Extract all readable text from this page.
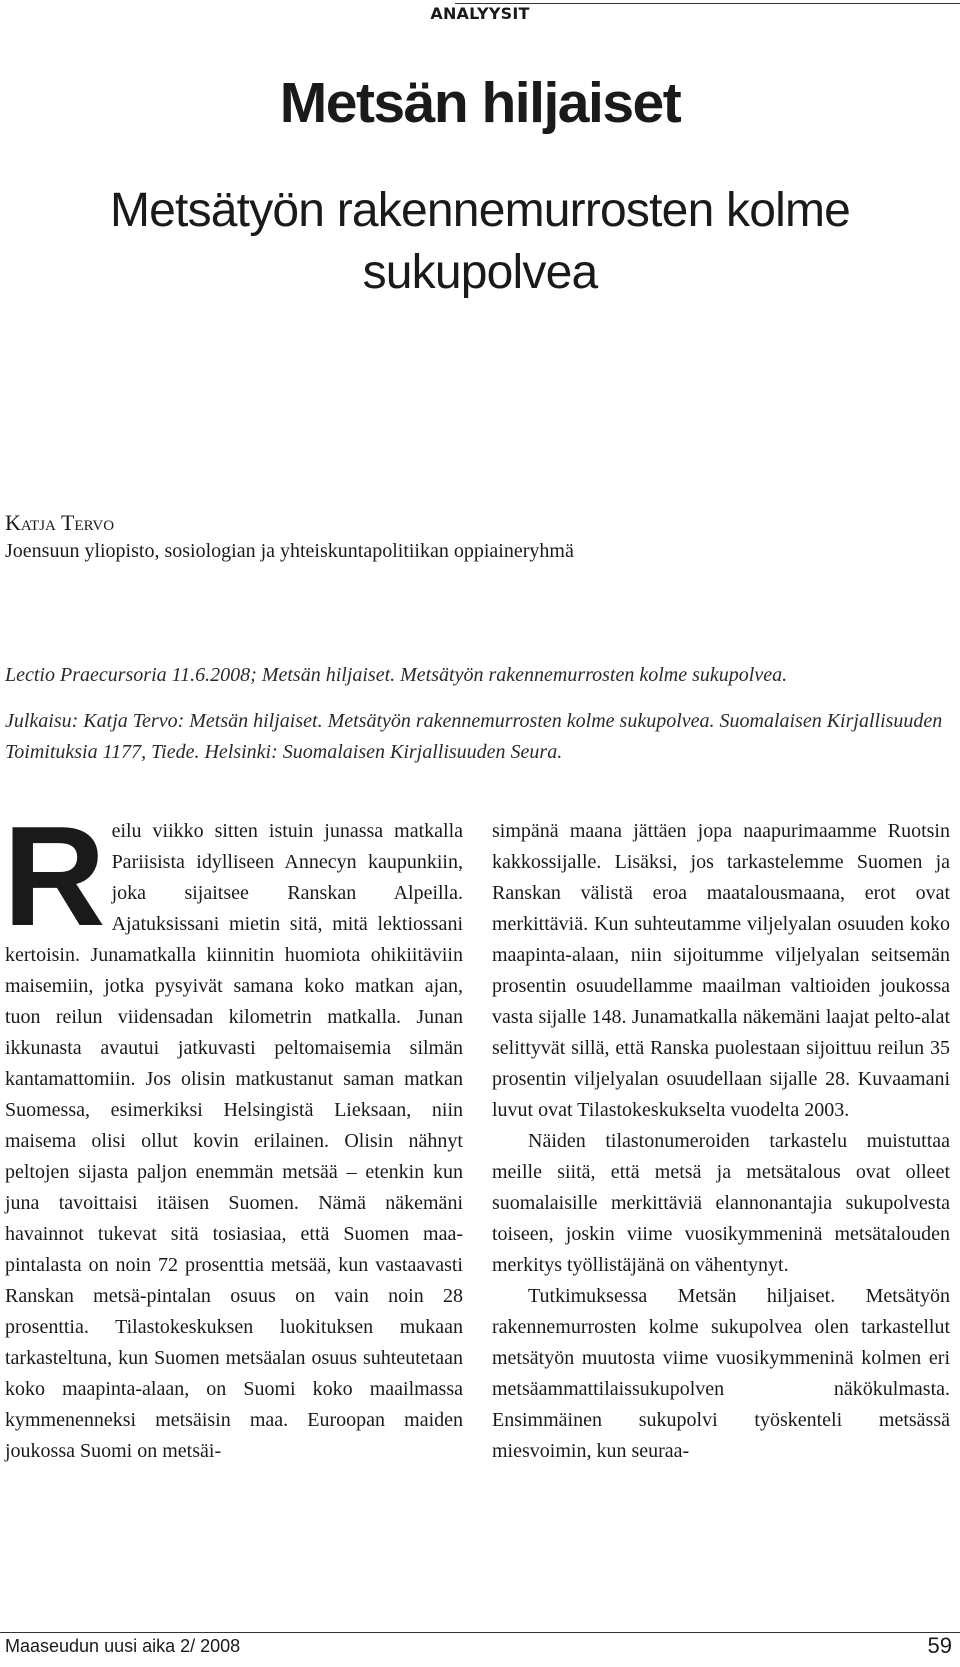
ANALYYSIT
Metsän hiljaiset
Metsätyön rakennemurrosten kolme sukupolvea
Katja Tervo
Joensuun yliopisto, sosiologian ja yhteiskuntapolitiikan oppiaineryhmä
Lectio Praecursoria 11.6.2008; Metsän hiljaiset. Metsätyön rakennemurrosten kolme sukupolvea.
Julkaisu: Katja Tervo: Metsän hiljaiset. Metsätyön rakennemurrosten kolme sukupolvea. Suomalaisen Kirjallisuuden Toimituksia 1177, Tiede. Helsinki: Suomalaisen Kirjallisuuden Seura.

R eilu viikko sitten istuin junassa matkalla Pariisista idylliseen Annecyn kaupunkiin, joka sijaitsee Ranskan Alpeilla. Ajatuksissani mietin sitä, mitä lektiossani kertoisin. Junamatkalla kiinnitin huomiota ohikiitäviin maisemiin, jotka pysyivät samana koko matkan ajan, tuon reilun viidensadan kilometrin matkalla. Junan ikkunasta avautui jatkuvasti peltomaisemia silmän kantamattomiin. Jos olisin matkustanut saman matkan Suomessa, esimerkiksi Helsingistä Lieksaan, niin maisema olisi ollut kovin erilainen. Olisin nähnyt peltojen sijasta paljon enemmän metsää – etenkin kun juna tavoittaisi itäisen Suomen. Nämä näkemäni havainnot tukevat sitä tosiasiaa, että Suomen maa-pintalasta on noin 72 prosenttia metsää, kun vastaavasti Ranskan metsä-pintalan osuus on vain noin 28 prosenttia. Tilastokeskuksen luokituksen mukaan tarkasteltuna, kun Suomen metsäalan osuus suhteutetaan koko maapinta-alaan, on Suomi koko maailmassa kymmenenneksi metsäisin maa. Euroopan maiden joukossa Suomi on metsäi-

simpänä maana jättäen jopa naapurimaamme Ruotsin kakkossijalle. Lisäksi, jos tarkastelemme Suomen ja Ranskan välistä eroa maatalousmaana, erot ovat merkittäviä. Kun suhteutamme viljelyalan osuuden koko maapinta-alaan, niin sijoitumme viljelyalan seitsemän prosentin osuudellamme maailman valtioiden joukossa vasta sijalle 148. Junamatkalla näkemäni laajat pelto-alat selittyvät sillä, että Ranska puolestaan sijoittuu reilun 35 prosentin viljelyalan osuudellaan sijalle 28. Kuvaamani luvut ovat Tilastokeskukselta vuodelta 2003.

Näiden tilastonumeroiden tarkastelu muistuttaa meille siitä, että metsä ja metsätalous ovat olleet suomalaisille merkittäviä elannonantajia sukupolvesta toiseen, joskin viime vuosikymmeninä metsätalouden merkitys työllistäjänä on vähentynyt.

Tutkimuksessa Metsän hiljaiset. Metsätyön rakennemurrosten kolme sukupolvea olen tarkastellut metsätyön muutosta viime vuosikymmeninä kolmen eri metsäammattilaissukupolven näkökulmasta. Ensimmäinen sukupolvi työskenteli metsässä miesvoimin, kun seuraa-

Maaseudun uusi aika 2/ 2008	59
